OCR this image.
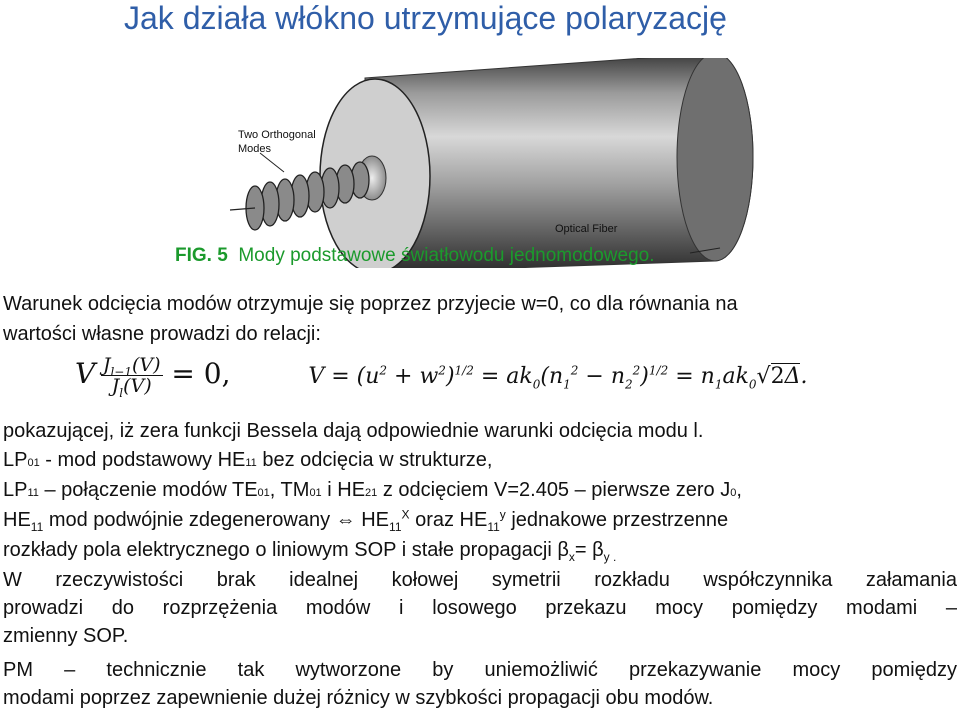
Jak działa włókno utrzymujące polaryzację
Two Orthogonal
Modes
Optical Fiber
FIG. 5 Mody podstawowe światłowodu jednomodowego.
Warunek odcięcia modów otrzymuje się poprzez przyjecie w=0, co dla równania na
wartości własne prowadzi do relacji:
V  $\frac{J_{l-1}(V)}{J_l(V)} = 0$,	$V = (u^2 + w^2)^{1/2} = ak_0(n_1^2 - n_2^2)^{1/2} = n_1ak_0√2\Delta$.
pokazującej, iż zera funkcji Bessela dają odpowiednie warunki odcięcia modu l.
LP01 - mod podstawowy HE11 bez odcięcia w strukturze,
LP11 – połączenie modów TE01, TM01 i HE21 z odcięciem V=2.405 – pierwsze zero J0,
$HE_{11}$ mod podwójnie zdegenerowany ⇔ $HE_{11}^X$ oraz $HE_{11}^y$ jednakowe przestrzenne
rozkłady pola elektrycznego o liniowym SOP i stałe propagacji $\beta_x= \beta_{y .}$
W rzeczywistości brak idealnej kołowej symetrii rozkładu współczynnika załamania
prowadzi do rozprzężenia modów i losowego przekazu mocy pomiędzy modami –
zmienny SOP.
PM – technicznie tak wytworzone by uniemożliwić przekazywanie mocy pomiędzy
modami poprzez zapewnienie dużej różnicy w szybkości propagacji obu modów.
